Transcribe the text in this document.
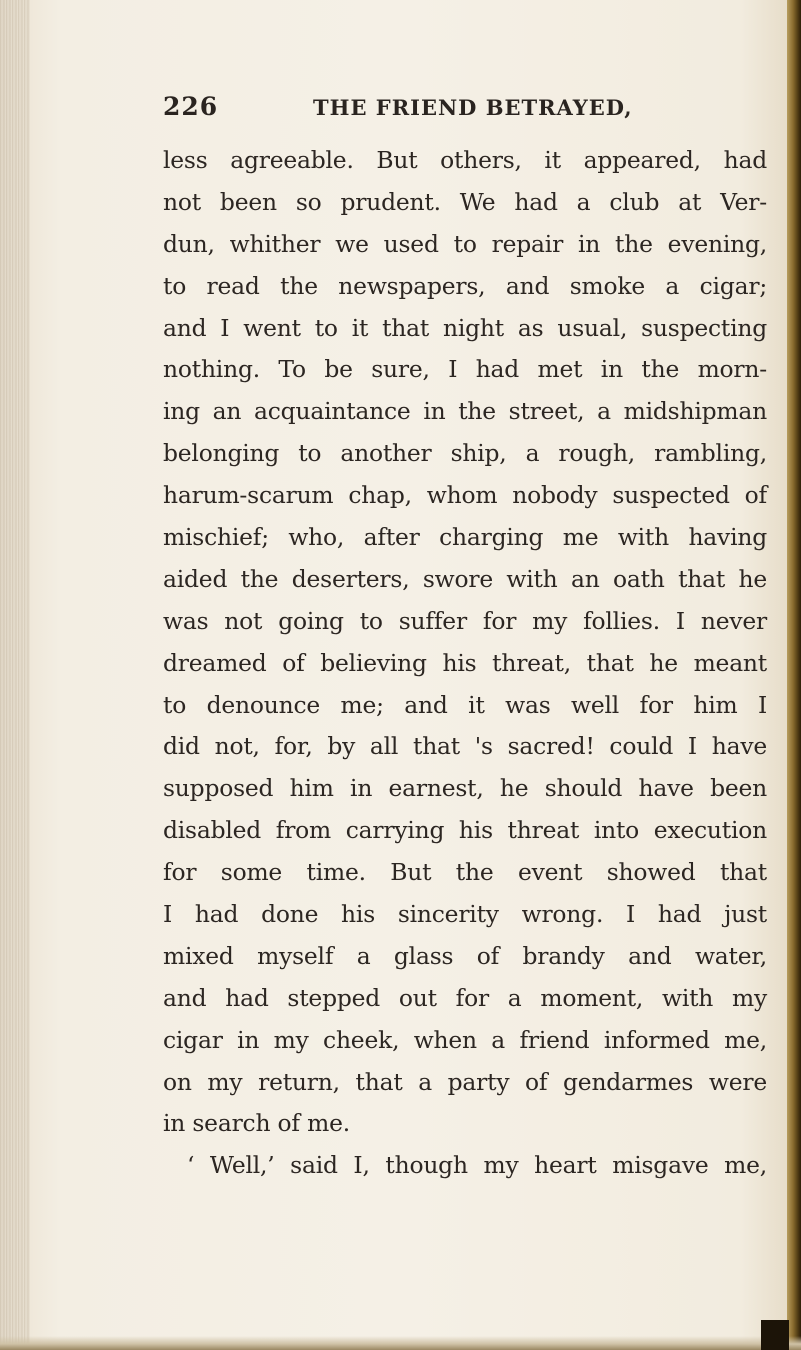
226	THE FRIEND BETRAYED,
less agreeable. But others, it appeared, had
not been so prudent. We had a club at Ver-
dun, whither we used to repair in the evening,
to read the newspapers, and smoke a cigar;
and I went to it that night as usual, suspecting
nothing. To be sure, I had met in the morn-
ing an acquaintance in the street, a midshipman
belonging to another ship, a rough, rambling,
harum-scarum chap, whom nobody suspected of
mischief; who, after charging me with having
aided the deserters, swore with an oath that he
was not going to suffer for my follies. I never
dreamed of believing his threat, that he meant
to denounce me; and it was well for him I
did not, for, by all that 's sacred! could I have
supposed him in earnest, he should have been
disabled from carrying his threat into execution
for some time. But the event showed that
I had done his sincerity wrong. I had just
mixed myself a glass of brandy and water,
and had stepped out for a moment, with my
cigar in my cheek, when a friend informed me,
on my return, that a party of gendarmes were
in search of me.
‘ Well,’ said I, though my heart misgave me,
